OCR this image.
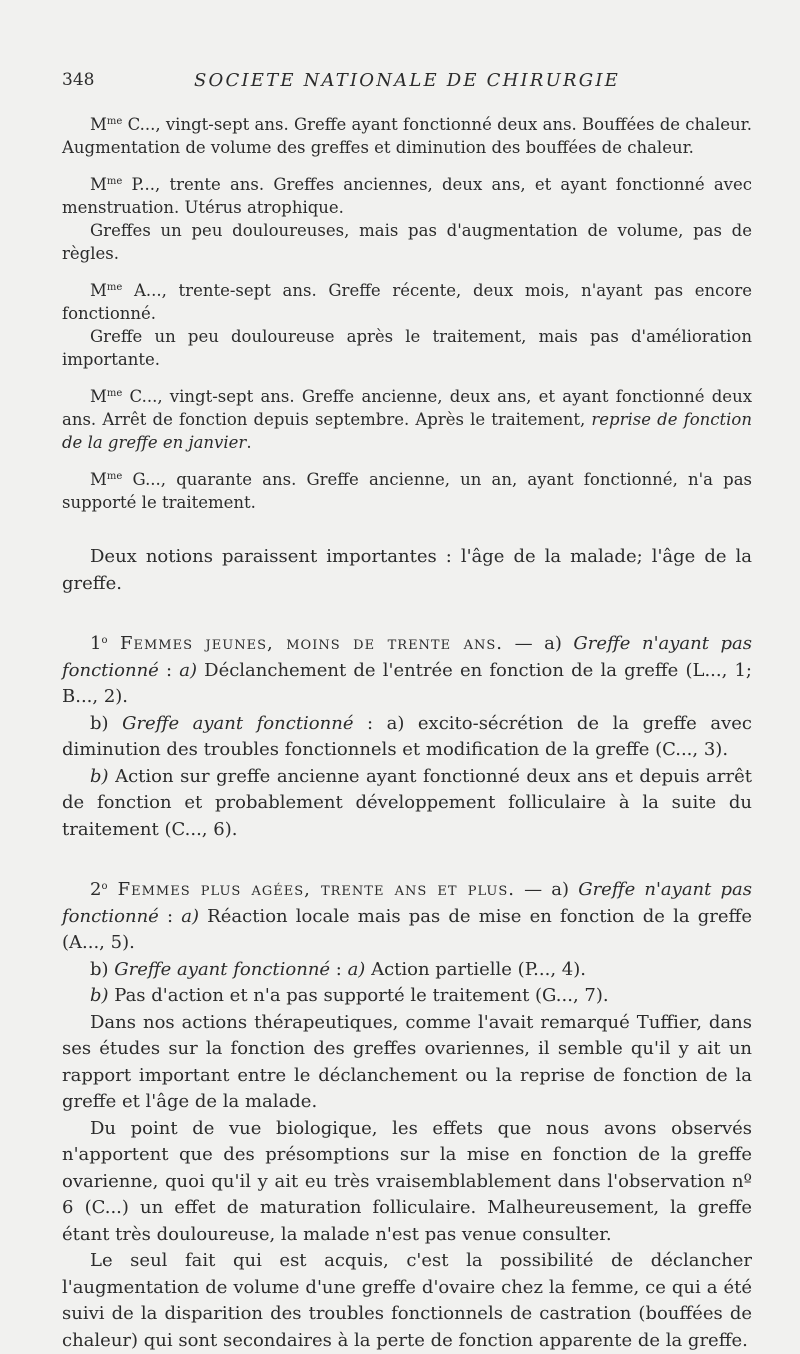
348	SOCIETE NATIONALE DE CHIRURGIE

$M^{me}$ C..., vingt-sept ans. Greffe ayant fonctionné deux ans. Bouffées de chaleur. Augmentation de volume des greffes et diminution des bouffées de chaleur.

$M^{me}$ P..., trente ans. Greffes anciennes, deux ans, et ayant fonctionné avec menstruation. Utérus atrophique.

Greffes un peu douloureuses, mais pas d'augmentation de volume, pas de règles.

$M^{me}$ A..., trente-sept ans. Greffe récente, deux mois, n'ayant pas encore fonctionné.

Greffe un peu douloureuse après le traitement, mais pas d'amélioration importante.

$M^{me}$ C..., vingt-sept ans. Greffe ancienne, deux ans, et ayant fonctionné deux ans. Arrêt de fonction depuis septembre. Après le traitement, reprise de fonction de la greffe en janvier.

$M^{me}$ G..., quarante ans. Greffe ancienne, un an, ayant fonctionné, n'a pas supporté le traitement.

Deux notions paraissent importantes : l'âge de la malade; l'âge de la greffe.

1$^o$ Femmes jeunes, moins de trente ans. — a) Greffe n'ayant pas fonctionné : a) Déclanchement de l'entrée en fonction de la greffe (L..., 1; B..., 2).

b) Greffe ayant fonctionné : a) excito-sécrétion de la greffe avec diminution des troubles fonctionnels et modification de la greffe (C..., 3).

b) Action sur greffe ancienne ayant fonctionné deux ans et depuis arrêt de fonction et probablement développement folliculaire à la suite du traitement (C..., 6).

2$^o$ Femmes plus agées, trente ans et plus. — a) Greffe n'ayant pas fonctionné : a) Réaction locale mais pas de mise en fonction de la greffe (A..., 5).

b) Greffe ayant fonctionné : a) Action partielle (P..., 4).

b) Pas d'action et n'a pas supporté le traitement (G..., 7).

Dans nos actions thérapeutiques, comme l'avait remarqué Tuffier, dans ses études sur la fonction des greffes ovariennes, il semble qu'il y ait un rapport important entre le déclanchement ou la reprise de fonction de la greffe et l'âge de la malade.

Du point de vue biologique, les effets que nous avons observés n'apportent que des présomptions sur la mise en fonction de la greffe ovarienne, quoi qu'il y ait eu très vraisemblablement dans l'observation nº 6 (C...) un effet de maturation folliculaire. Malheureusement, la greffe étant très douloureuse, la malade n'est pas venue consulter.

Le seul fait qui est acquis, c'est la possibilité de déclancher l'augmentation de volume d'une greffe d'ovaire chez la femme, ce qui a été suivi de la disparition des troubles fonctionnels de castration (bouffées de chaleur) qui sont secondaires à la perte de fonction apparente de la greffe.
